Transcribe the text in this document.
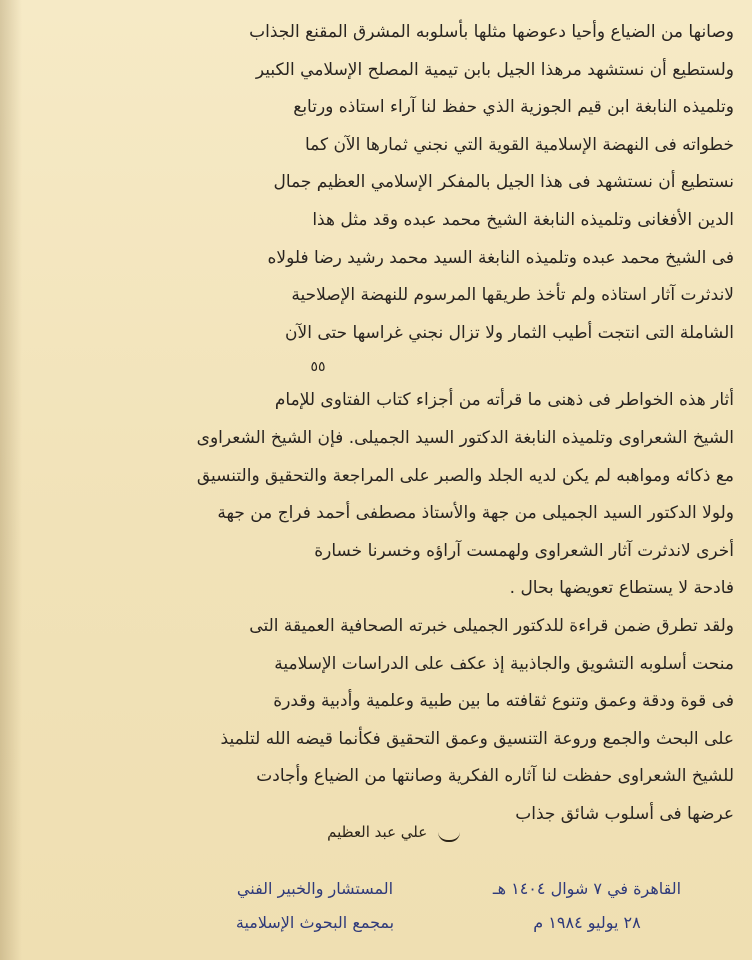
وصانها من الضياع وأحيا دعوضها مثلها بأسلوبه المشرق المقنع الجذاب
ولستطيع أن نستشهد مرهذا الجيل بابن تيمية المصلح الإسلامي الكبير
وتلميذه النابغة ابن قيم الجوزية الذي حفظ لنا آراء استاذه ورتابع
خطواته فى النهضة الإسلامية القوية التي نجني ثمارها الآن كما
نستطيع أن نستشهد فى هذا الجيل بالمفكر الإسلامي العظيم جمال
الدين الأفغانى وتلميذه النابغة الشيخ محمد عبده وقد مثل هذا
فى الشيخ محمد عبده وتلميذه النابغة السيد محمد رشيد رضا فلولاه
لاندثرت آثار استاذه ولم تأخذ طريقها المرسوم للنهضة الإصلاحية
الشاملة التى انتجت أطيب الثمار ولا تزال نجني غراسها حتى الآن
٥٥
أثار هذه الخواطر فى ذهنى ما قرأته من أجزاء كتاب الفتاوى للإمام
الشيخ الشعراوى وتلميذه النابغة الدكتور السيد الجميلى. فإن الشيخ الشعراوى
مع ذكائه ومواهبه لم يكن لديه الجلد والصبر على المراجعة والتحقيق والتنسيق
ولولا الدكتور السيد الجميلى من جهة والأستاذ مصطفى أحمد فراج من جهة
أخرى لاندثرت آثار الشعراوى ولهمست آراؤه وخسرنا خسارة
فادحة لا يستطاع تعويضها بحال .
ولقد تطرق ضمن قراءة للدكتور الجميلى خبرته الصحافية العميقة التى
منحت أسلوبه التشويق والجاذبية إذ عكف على الدراسات الإسلامية
فى قوة ودقة وعمق وتنوع ثقافته ما بين طبية وعلمية وأدبية وقدرة
على البحث والجمع وروعة التنسيق وعمق التحقيق فكأنما قيضه الله لتلميذ
للشيخ الشعراوى حفظت لنا آثاره الفكرية وصانتها من الضياع وأجادت
عرضها فى أسلوب شائق جذاب
علي عبد العظيم
القاهرة في ٧ شوال ١٤٠٤ هـ
٢٨ يوليو ١٩٨٤ م
المستشار والخبير الفني
بمجمع البحوث الإسلامية
